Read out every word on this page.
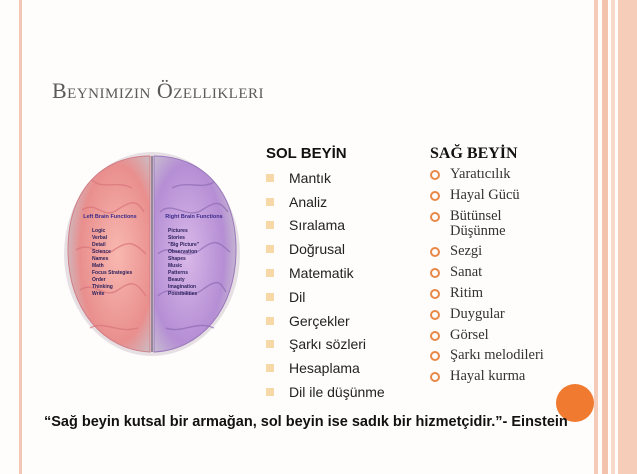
Beynimizin Özellikleri
Left Brain Functions	Right Brain Functions
Logic
Verbal
Detail
Science
Names
Math
Focus Strategies
Order
Thinking
Write
Pictures
Stories
"Big Picture"
Observation
Shapes
Music
Patterns
Beauty
Imagination
Possibilities
SOL BEYİN
Mantık
Analiz
Sıralama
Doğrusal
Matematik
Dil
Gerçekler
Şarkı sözleri
Hesaplama
Dil ile düşünme
SAĞ BEYİN
Yaratıcılık
Hayal Gücü
Bütünsel Düşünme
Sezgi
Sanat
Ritim
Duygular
Görsel
Şarkı melodileri
Hayal kurma
“Sağ beyin kutsal bir armağan, sol beyin ise sadık bir hizmetçidir.”- Einstein
